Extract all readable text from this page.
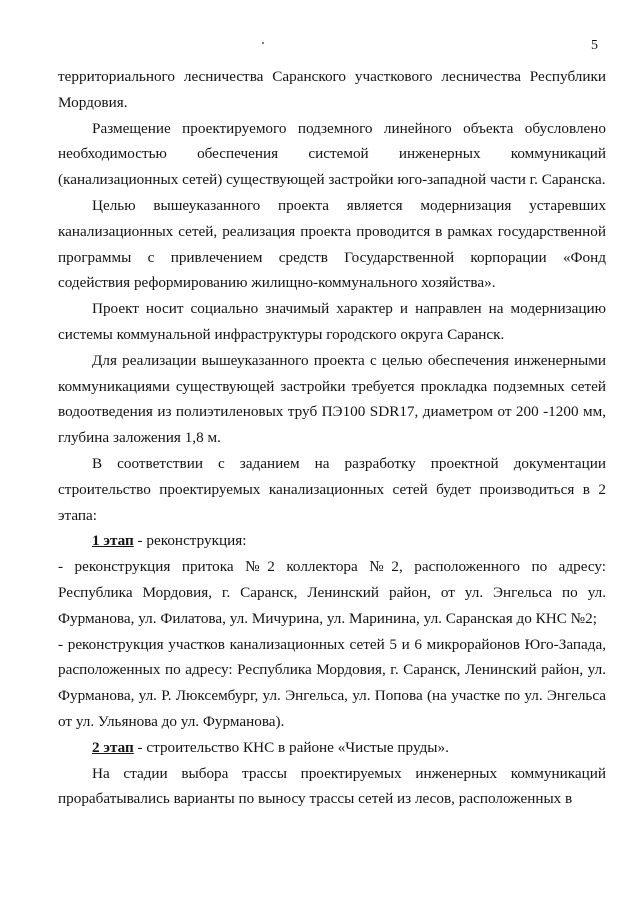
5

территориального лесничества Саранского участкового лесничества Республики Мордовия.

Размещение проектируемого подземного линейного объекта обусловлено необходимостью обеспечения системой инженерных коммуникаций (канализационных сетей) существующей застройки юго-западной части г. Саранска.

Целью вышеуказанного проекта является модернизация устаревших канализационных сетей, реализация проекта проводится в рамках государственной программы с привлечением средств Государственной корпорации «Фонд содействия реформированию жилищно-коммунального хозяйства».

Проект носит социально значимый характер и направлен на модернизацию системы коммунальной инфраструктуры городского округа Саранск.

Для реализации вышеуказанного проекта с целью обеспечения инженерными коммуникациями существующей застройки требуется прокладка подземных сетей водоотведения из полиэтиленовых труб ПЭ100 SDR17, диаметром от 200 -1200 мм, глубина заложения 1,8 м.

В соответствии с заданием на разработку проектной документации строительство проектируемых канализационных сетей будет производиться в 2 этапа:

1 этап - реконструкция:

- реконструкция притока №2 коллектора №2, расположенного по адресу: Республика Мордовия, г. Саранск, Ленинский район, от ул. Энгельса по ул. Фурманова, ул. Филатова, ул. Мичурина, ул. Маринина, ул. Саранская до КНС №2;

- реконструкция участков канализационных сетей 5 и 6 микрорайонов Юго-Запада, расположенных по адресу: Республика Мордовия, г. Саранск, Ленинский район, ул. Фурманова, ул. Р. Люксембург, ул. Энгельса, ул. Попова (на участке по ул. Энгельса от ул. Ульянова до ул. Фурманова).

2 этап - строительство КНС в районе «Чистые пруды».

На стадии выбора трассы проектируемых инженерных коммуникаций прорабатывались варианты по выносу трассы сетей из лесов, расположенных в
